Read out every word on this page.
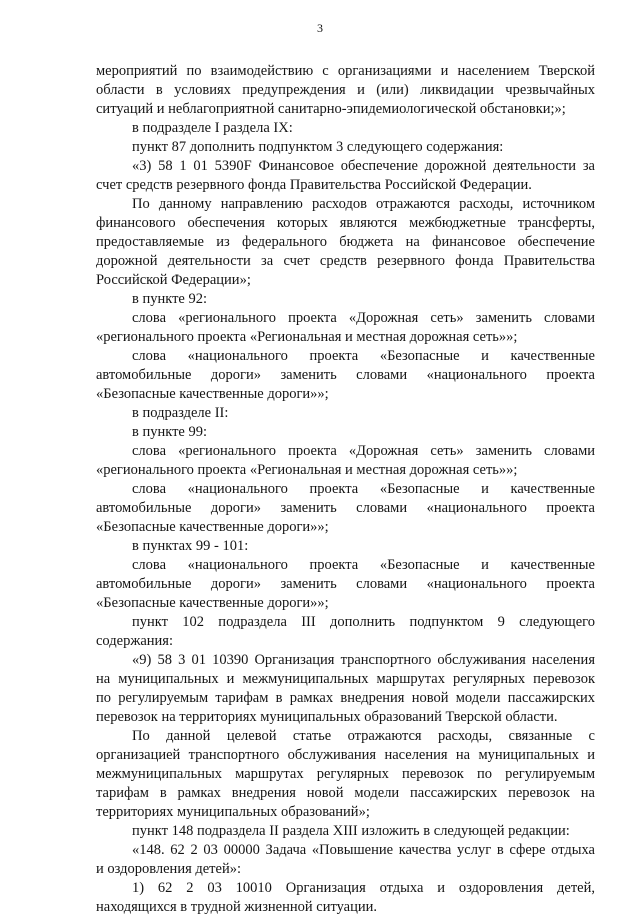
3
мероприятий по взаимодействию с организациями и населением Тверской
области в условиях предупреждения и (или) ликвидации чрезвычайных
ситуаций и неблагоприятной санитарно-эпидемиологической обстановки;»;
в подразделе I раздела IX:
пункт 87 дополнить подпунктом 3 следующего содержания:
«3) 58 1 01 5390F Финансовое обеспечение дорожной деятельности за
счет средств резервного фонда Правительства Российской Федерации.
По данному направлению расходов отражаются расходы, источником
финансового обеспечения которых являются межбюджетные трансферты,
предоставляемые из федерального бюджета на финансовое обеспечение
дорожной деятельности за счет средств резервного фонда Правительства
Российской Федерации»;
в пункте 92:
слова «регионального проекта «Дорожная сеть» заменить словами
«регионального проекта «Региональная и местная дорожная сеть»»;
слова «национального проекта «Безопасные и качественные
автомобильные дороги» заменить словами «национального проекта
«Безопасные качественные дороги»»;
в подразделе II:
в пункте 99:
слова «регионального проекта «Дорожная сеть» заменить словами
«регионального проекта «Региональная и местная дорожная сеть»»;
слова «национального проекта «Безопасные и качественные
автомобильные дороги» заменить словами «национального проекта
«Безопасные качественные дороги»»;
в пунктах 99 - 101:
слова «национального проекта «Безопасные и качественные
автомобильные дороги» заменить словами «национального проекта
«Безопасные качественные дороги»»;
пункт 102 подраздела III дополнить подпунктом 9 следующего
содержания:
«9) 58 3 01 10390 Организация транспортного обслуживания населения
на муниципальных и межмуниципальных маршрутах регулярных перевозок
по регулируемым тарифам в рамках внедрения новой модели пассажирских
перевозок на территориях муниципальных образований Тверской области.
По данной целевой статье отражаются расходы, связанные с
организацией транспортного обслуживания населения на муниципальных и
межмуниципальных маршрутах регулярных перевозок по регулируемым
тарифам в рамках внедрения новой модели пассажирских перевозок на
территориях муниципальных образований»;
пункт 148 подраздела II раздела XIII изложить в следующей редакции:
«148. 62 2 03 00000 Задача «Повышение качества услуг в сфере отдыха
и оздоровления детей»:
1) 62 2 03 10010 Организация отдыха и оздоровления детей,
находящихся в трудной жизненной ситуации.
